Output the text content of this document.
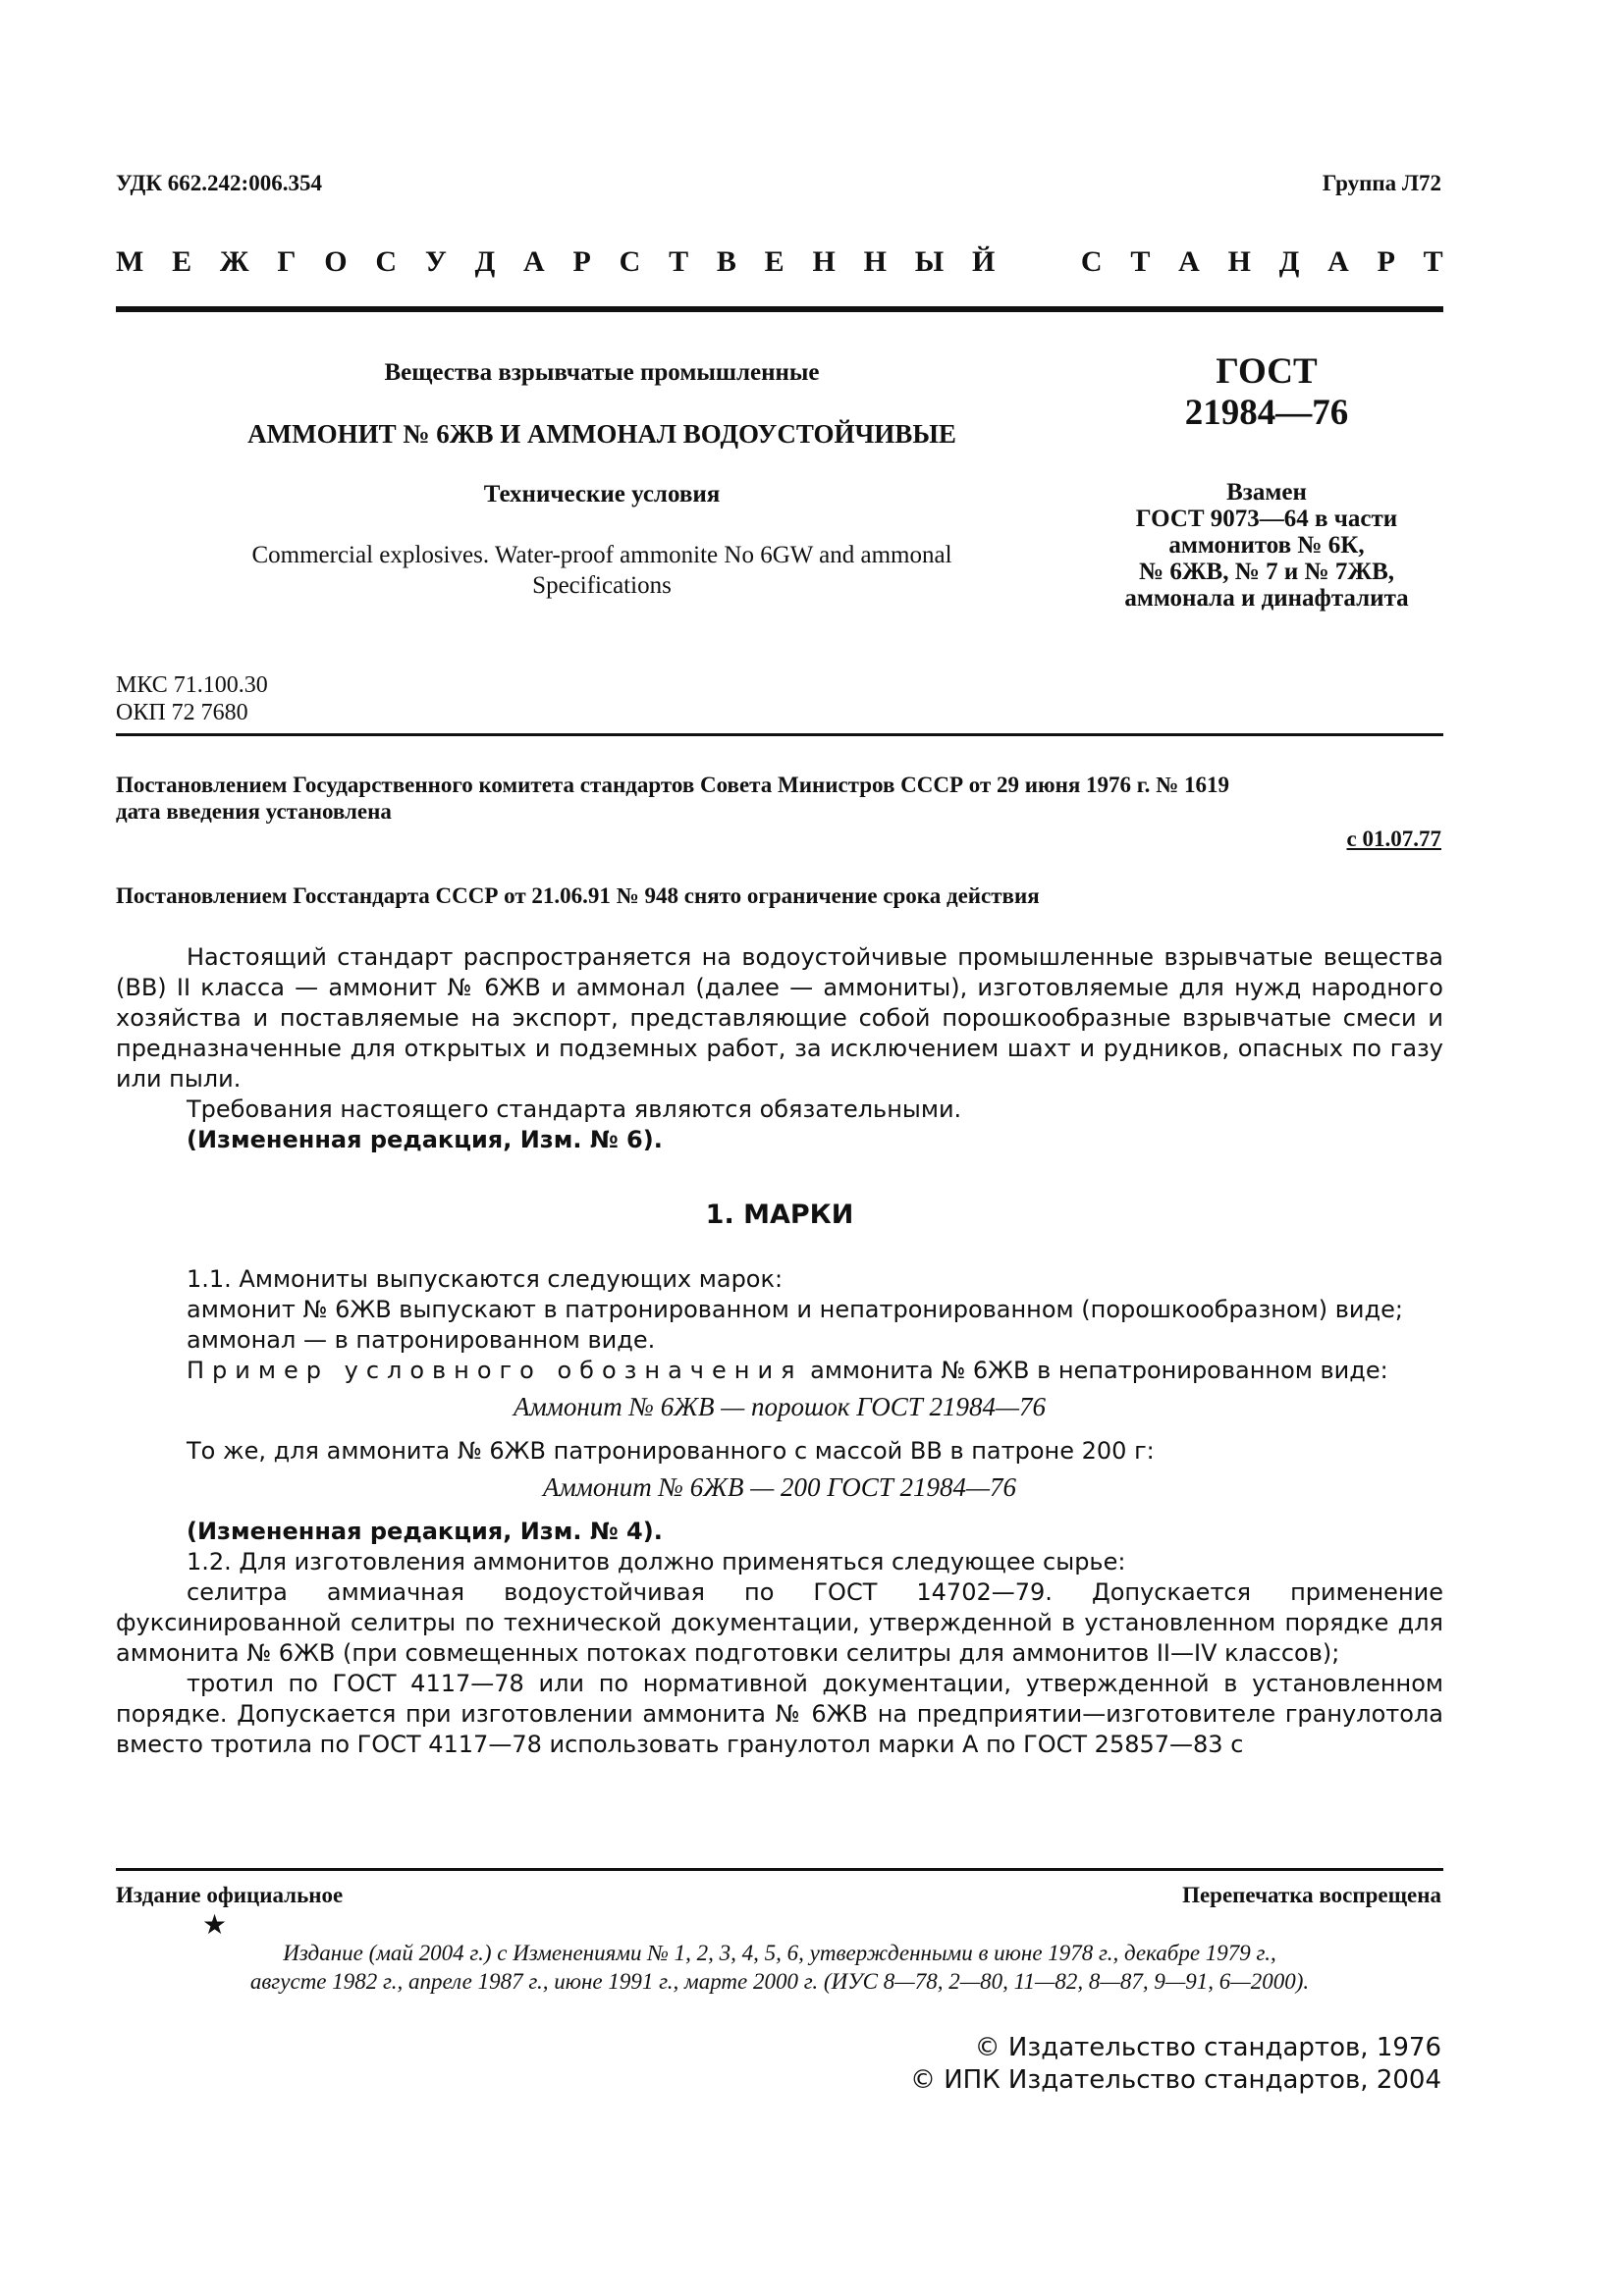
УДК 662.242:006.354	Группа Л72
М Е Ж Г О С У Д А Р С Т В Е Н Н Ы Й	С Т А Н Д А Р Т
Вещества взрывчатые промышленные
АММОНИТ № 6ЖВ И АММОНАЛ ВОДОУСТОЙЧИВЫЕ
Технические условия
Commercial explosives. Water-proof ammonite No 6GW and ammonal
Specifications
ГОСТ
21984—76
Взамен
ГОСТ 9073—64 в части
аммонитов № 6К,
№ 6ЖВ, № 7 и № 7ЖВ,
аммонала и динафталита
МКС 71.100.30
ОКП 72 7680
Постановлением Государственного комитета стандартов Совета Министров СССР от 29 июня 1976 г. № 1619
дата введения установлена
с 01.07.77
Постановлением Госстандарта СССР от 21.06.91 № 948 снято ограничение срока действия

Настоящий стандарт распространяется на водоустойчивые промышленные взрывчатые вещества (ВВ) II класса — аммонит № 6ЖВ и аммонал (далее — аммониты), изготовляемые для нужд народного хозяйства и поставляемые на экспорт, представляющие собой порошкообразные взрывчатые смеси и предназначенные для открытых и подземных работ, за исключением шахт и рудников, опасных по газу или пыли.

Требования настоящего стандарта являются обязательными.

(Измененная редакция, Изм. № 6).

1. МАРКИ

1.1. Аммониты выпускаются следующих марок:

аммонит № 6ЖВ выпускают в патронированном и непатронированном (порошкообразном) виде;

аммонал — в патронированном виде.

Пример условного обозначения аммонита № 6ЖВ в непатронированном виде:

Аммонит № 6ЖВ — порошок ГОСТ 21984—76

То же, для аммонита № 6ЖВ патронированного с массой ВВ в патроне 200 г:

Аммонит № 6ЖВ — 200 ГОСТ 21984—76

(Измененная редакция, Изм. № 4).

1.2. Для изготовления аммонитов должно применяться следующее сырье:

селитра аммиачная водоустойчивая по ГОСТ 14702—79. Допускается применение фуксинированной селитры по технической документации, утвержденной в установленном порядке для аммонита № 6ЖВ (при совмещенных потоках подготовки селитры для аммонитов II—IV классов);

тротил по ГОСТ 4117—78 или по нормативной документации, утвержденной в установленном порядке. Допускается при изготовлении аммонита № 6ЖВ на предприятии—изготовителе гранулотола вместо тротила по ГОСТ 4117—78 использовать гранулотол марки А по ГОСТ 25857—83 с

Издание официальное	Перепечатка воспрещена
★
Издание (май 2004 г.) с Изменениями № 1, 2, 3, 4, 5, 6, утвержденными в июне 1978 г., декабре 1979 г.,
августе 1982 г., апреле 1987 г., июне 1991 г., марте 2000 г. (ИУС 8—78, 2—80, 11—82, 8—87, 9—91, 6—2000).
© Издательство стандартов, 1976
© ИПК Издательство стандартов, 2004
